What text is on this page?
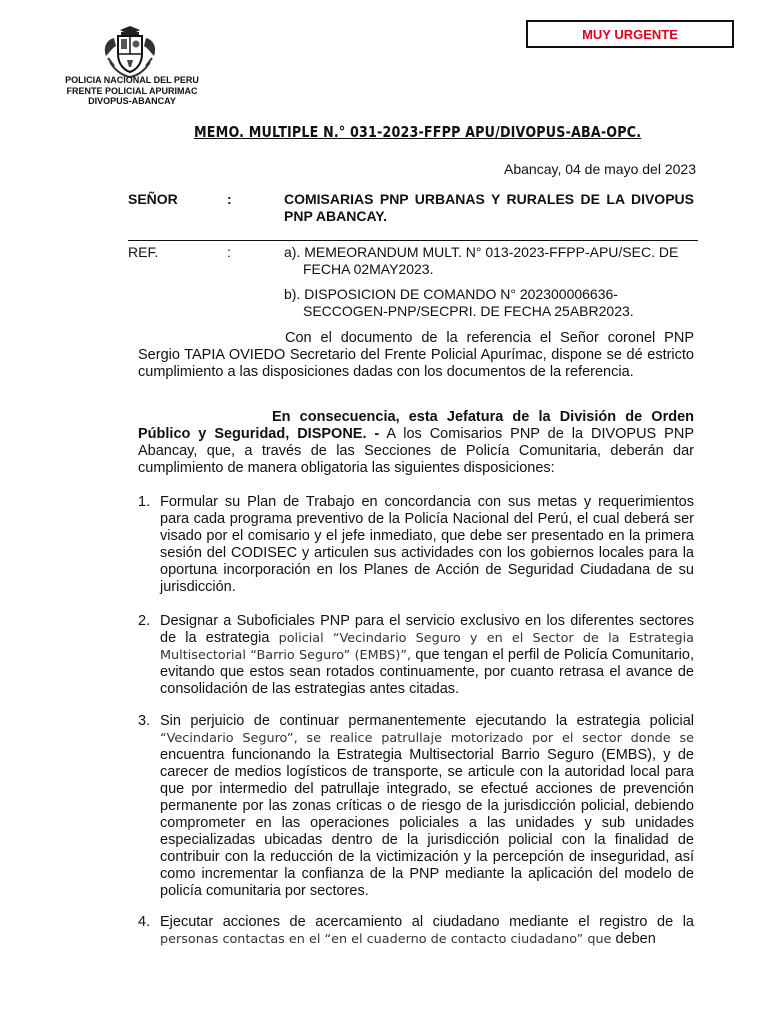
POLICIA NACIONAL DEL PERU
FRENTE POLICIAL APURIMAC
DIVOPUS-ABANCAY
MUY URGENTE
MEMO. MULTIPLE N.° 031-2023-FFPP APU/DIVOPUS-ABA-OPC.
Abancay, 04 de mayo del 2023
SEÑOR	:	COMISARIAS PNP URBANAS Y RURALES DE LA DIVOPUS PNP ABANCAY.
REF.	:	a). MEMEORANDUM MULT. N° 013-2023-FFPP-APU/SEC. DE
FECHA 02MAY2023.
b). DISPOSICION DE COMANDO N° 202300006636-
SECCOGEN-PNP/SECPRI. DE FECHA 25ABR2023.
Con el documento de la referencia el Señor coronel PNP Sergio TAPIA OVIEDO Secretario del Frente Policial Apurímac, dispone se dé estricto cumplimiento a las disposiciones dadas con los documentos de la referencia.
En consecuencia, esta Jefatura de la División de Orden Público y Seguridad, DISPONE. - A los Comisarios PNP de la DIVOPUS PNP Abancay, que, a través de las Secciones de Policía Comunitaria, deberán dar cumplimiento de manera obligatoria las siguientes disposiciones:
1. Formular su Plan de Trabajo en concordancia con sus metas y requerimientos para cada programa preventivo de la Policía Nacional del Perú, el cual deberá ser visado por el comisario y el jefe inmediato, que debe ser presentado en la primera sesión del CODISEC y articulen sus actividades con los gobiernos locales para la oportuna incorporación en los Planes de Acción de Seguridad Ciudadana de su jurisdicción.
2. Designar a Suboficiales PNP para el servicio exclusivo en los diferentes sectores de la estrategia policial “Vecindario Seguro y en el Sector de la Estrategia Multisectorial “Barrio Seguro” (EMBS)”, que tengan el perfil de Policía Comunitario, evitando que estos sean rotados continuamente, por cuanto retrasa el avance de consolidación de las estrategias antes citadas.
3. Sin perjuicio de continuar permanentemente ejecutando la estrategia policial “Vecindario Seguro”, se realice patrullaje motorizado por el sector donde se encuentra funcionando la Estrategia Multisectorial Barrio Seguro (EMBS), y de carecer de medios logísticos de transporte, se articule con la autoridad local para que por intermedio del patrullaje integrado, se efectué acciones de prevención permanente por las zonas críticas o de riesgo de la jurisdicción policial, debiendo comprometer en las operaciones policiales a las unidades y sub unidades especializadas ubicadas dentro de la jurisdicción policial con la finalidad de contribuir con la reducción de la victimización y la percepción de inseguridad, así como incrementar la confianza de la PNP mediante la aplicación del modelo de policía comunitaria por sectores.
4. Ejecutar acciones de acercamiento al ciudadano mediante el registro de la personas contactas en el “en el cuaderno de contacto ciudadano” que deben
